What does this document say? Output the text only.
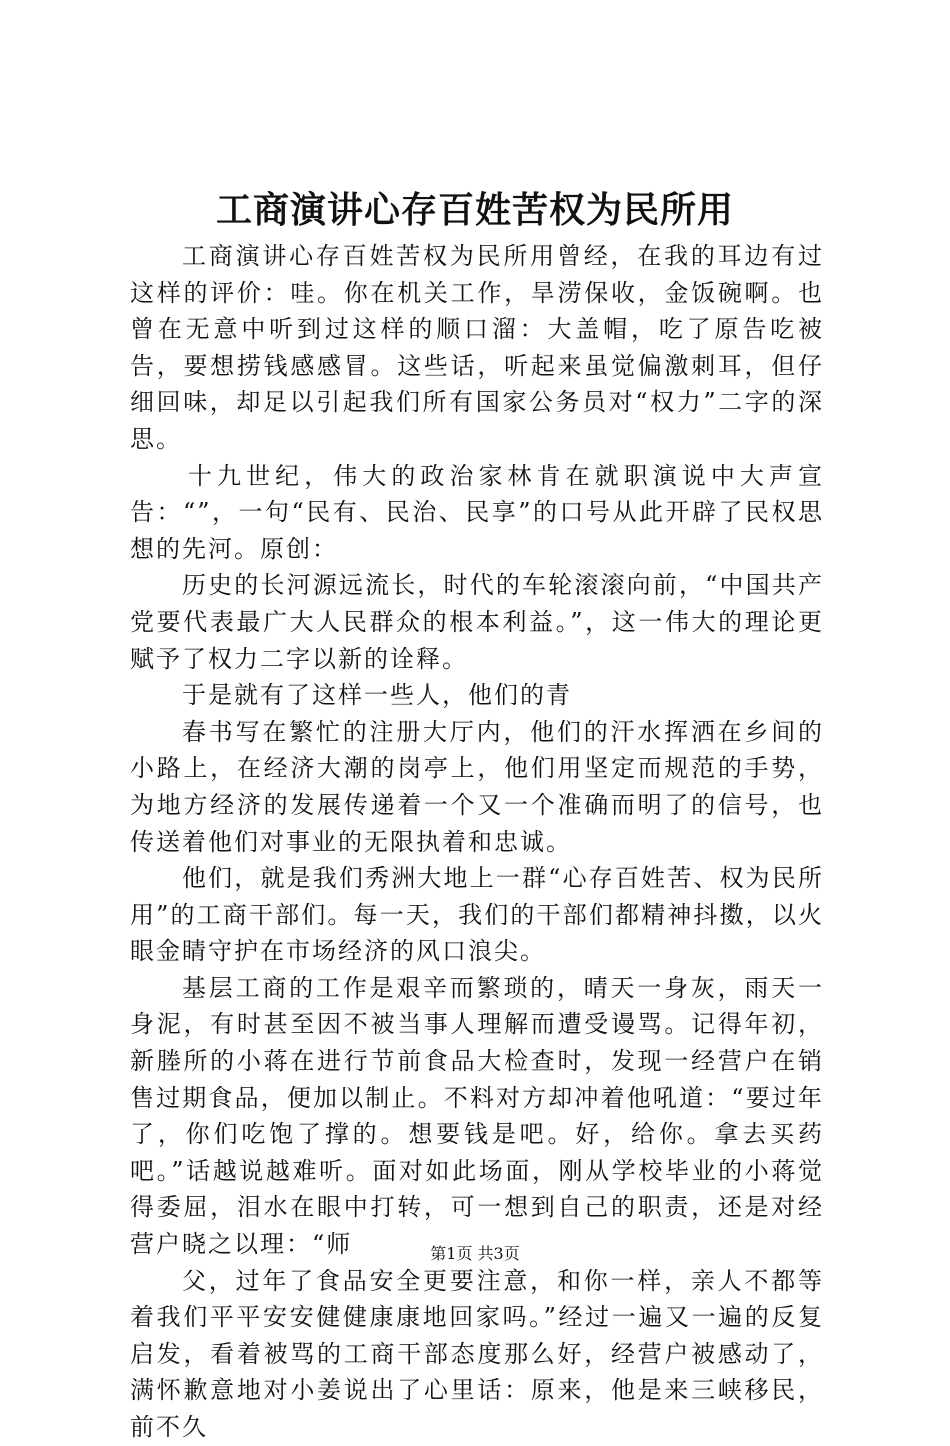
工商演讲心存百姓苦权为民所用

工商演讲心存百姓苦权为民所用曾经，在我的耳边有过这样的评价：哇。你在机关工作，旱涝保收，金饭碗啊。也曾在无意中听到过这样的顺口溜：大盖帽，吃了原告吃被告，要想捞钱感感冒。这些话，听起来虽觉偏激刺耳，但仔细回味，却足以引起我们所有国家公务员对“权力”二字的深思。

十九世纪，伟大的政治家林肯在就职演说中大声宣告：“”，一句“民有、民治、民享”的口号从此开辟了民权思想的先河。原创：

历史的长河源远流长，时代的车轮滚滚向前，“中国共产党要代表最广大人民群众的根本利益。”，这一伟大的理论更赋予了权力二字以新的诠释。

于是就有了这样一些人，他们的青

春书写在繁忙的注册大厅内，他们的汗水挥洒在乡间的小路上，在经济大潮的岗亭上，他们用坚定而规范的手势，为地方经济的发展传递着一个又一个准确而明了的信号，也传送着他们对事业的无限执着和忠诚。

他们，就是我们秀洲大地上一群“心存百姓苦、权为民所用”的工商干部们。每一天，我们的干部们都精神抖擞，以火眼金睛守护在市场经济的风口浪尖。

基层工商的工作是艰辛而繁琐的，晴天一身灰，雨天一身泥，有时甚至因不被当事人理解而遭受谩骂。记得年初，新塍所的小蒋在进行节前食品大检查时，发现一经营户在销售过期食品，便加以制止。不料对方却冲着他吼道：“要过年了，你们吃饱了撑的。想要钱是吧。好，给你。拿去买药吧。”话越说越难听。面对如此场面，刚从学校毕业的小蒋觉得委屈，泪水在眼中打转，可一想到自己的职责，还是对经营户晓之以理：“师

父，过年了食品安全更要注意，和你一样，亲人不都等着我们平平安安健健康康地回家吗。”经过一遍又一遍的反复启发，看着被骂的工商干部态度那么好，经营户被感动了，满怀歉意地对小姜说出了心里话：原来，他是来三峡移民，前不久

第1页 共3页
